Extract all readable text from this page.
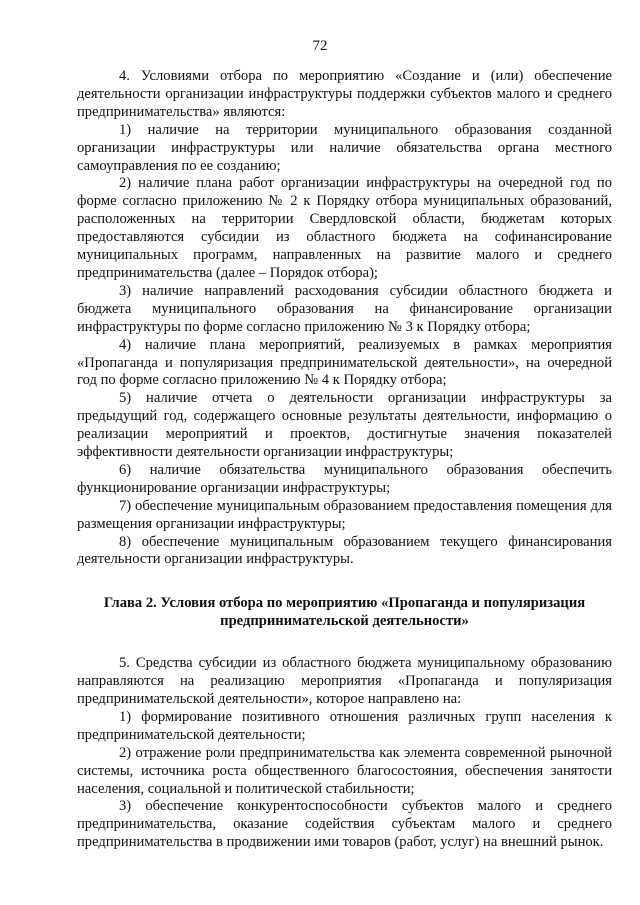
72

4. Условиями отбора по мероприятию «Создание и (или) обеспечение деятельности организации инфраструктуры поддержки субъектов малого и среднего предпринимательства» являются:

1) наличие на территории муниципального образования созданной организации инфраструктуры или наличие обязательства органа местного самоуправления по ее созданию;

2) наличие плана работ организации инфраструктуры на очередной год по форме согласно приложению № 2 к Порядку отбора муниципальных образований, расположенных на территории Свердловской области, бюджетам которых предоставляются субсидии из областного бюджета на софинансирование муниципальных программ, направленных на развитие малого и среднего предпринимательства (далее – Порядок отбора);

3) наличие направлений расходования субсидии областного бюджета и бюджета муниципального образования на финансирование организации инфраструктуры по форме согласно приложению № 3 к Порядку отбора;

4) наличие плана мероприятий, реализуемых в рамках мероприятия «Пропаганда и популяризация предпринимательской деятельности», на очередной год по форме согласно приложению № 4 к Порядку отбора;

5) наличие отчета о деятельности организации инфраструктуры за предыдущий год, содержащего основные результаты деятельности, информацию о реализации мероприятий и проектов, достигнутые значения показателей эффективности деятельности организации инфраструктуры;

6) наличие обязательства муниципального образования обеспечить функционирование организации инфраструктуры;

7) обеспечение муниципальным образованием предоставления помещения для размещения организации инфраструктуры;

8) обеспечение муниципальным образованием текущего финансирования деятельности организации инфраструктуры.

Глава 2. Условия отбора по мероприятию «Пропаганда и популяризация
предпринимательской деятельности»

5. Средства субсидии из областного бюджета муниципальному образованию направляются на реализацию мероприятия «Пропаганда и популяризация предпринимательской деятельности», которое направлено на:

1) формирование позитивного отношения различных групп населения к предпринимательской деятельности;

2) отражение роли предпринимательства как элемента современной рыночной системы, источника роста общественного благосостояния, обеспечения занятости населения, социальной и политической стабильности;

3) обеспечение конкурентоспособности субъектов малого и среднего предпринимательства, оказание содействия субъектам малого и среднего предпринимательства в продвижении ими товаров (работ, услуг) на внешний рынок.
